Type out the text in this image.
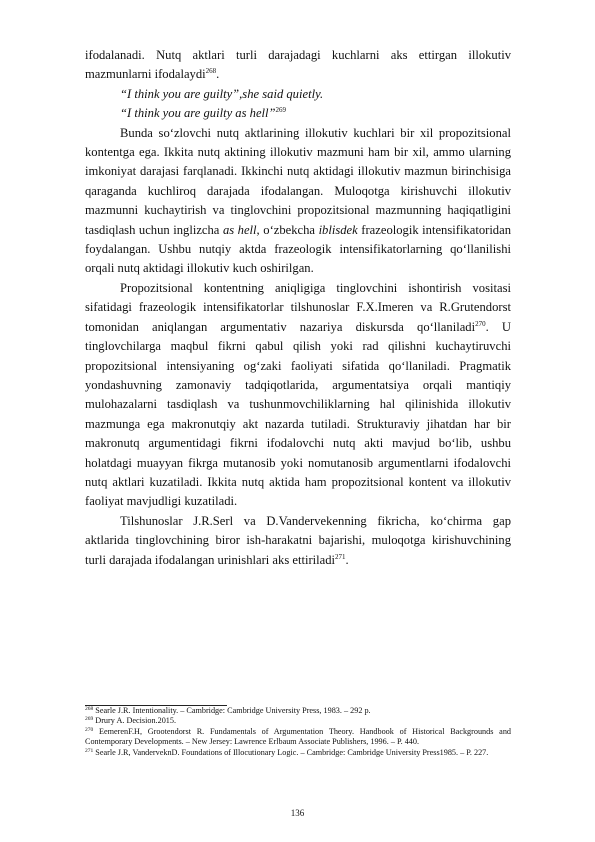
ifodalanadi. Nutq aktlari turli darajadagi kuchlarni aks ettirgan illokutiv

mazmunlarni ifodalaydi$^{268}$.

“I think you are guilty”,she said quietly.

“I think you are guilty as hell”$^{269}$

Bunda so‘zlovchi nutq aktlarining illokutiv kuchlari bir xil propozitsional kontentga ega. Ikkita nutq aktining illokutiv mazmuni ham bir xil, ammo ularning imkoniyat darajasi farqlanadi. Ikkinchi nutq aktidagi illokutiv mazmun birinchisiga qaraganda kuchliroq darajada ifodalangan. Muloqotga kirishuvchi illokutiv mazmunni kuchaytirish va tinglovchini propozitsional mazmunning haqiqatligini tasdiqlash uchun inglizcha as hell, o‘zbekcha iblisdek frazeologik intensifikatoridan foydalangan. Ushbu nutqiy aktda frazeologik intensifikatorlarning qo‘llanilishi orqali nutq aktidagi illokutiv kuch oshirilgan.

Propozitsional kontentning aniqligiga tinglovchini ishontirish vositasi sifatidagi frazeologik intensifikatorlar tilshunoslar F.X.Imeren va R.Grutendorst tomonidan aniqlangan argumentativ nazariya diskursda qo‘llaniladi$^{270}$. U tinglovchilarga maqbul fikrni qabul qilish yoki rad qilishni kuchaytiruvchi propozitsional intensiyaning og‘zaki faoliyati sifatida qo‘llaniladi. Pragmatik yondashuvning zamonaviy tadqiqotlarida, argumentatsiya orqali mantiqiy mulohazalarni tasdiqlash va tushunmovchiliklarning hal qilinishida illokutiv mazmunga ega makronutqiy akt nazarda tutiladi. Strukturaviy jihatdan har bir makronutq argumentidagi fikrni ifodalovchi nutq akti mavjud bo‘lib, ushbu holatdagi muayyan fikrga mutanosib yoki nomutanosib argumentlarni ifodalovchi nutq aktlari kuzatiladi. Ikkita nutq aktida ham propozitsional kontent va illokutiv faoliyat mavjudligi kuzatiladi.

Tilshunoslar J.R.Serl va D.Vandervekenning fikricha, ko‘chirma gap aktlarida tinglovchining biror ish-harakatni bajarishi, muloqotga kirishuvchining turli darajada ifodalangan urinishlari aks ettiriladi$^{271}$.

$^{268}$ Searle J.R. Intentionality. – Cambridge: Cambridge University Press, 1983. – 292 p.

$^{269}$ Drury A. Decision.2015.

$^{270}$ EemerenF.H, Grootendorst R. Fundamentals of Argumentation Theory. Handbook of Historical Backgrounds and Contemporary Developments. – New Jersey: Lawrence Erlbaum Associate Publishers, 1996. – P. 440.

$^{271}$ Searle J.R, VanderveknD. Foundations of Illocutionary Logic. – Cambridge: Cambridge University Press1985. – P. 227.

136
